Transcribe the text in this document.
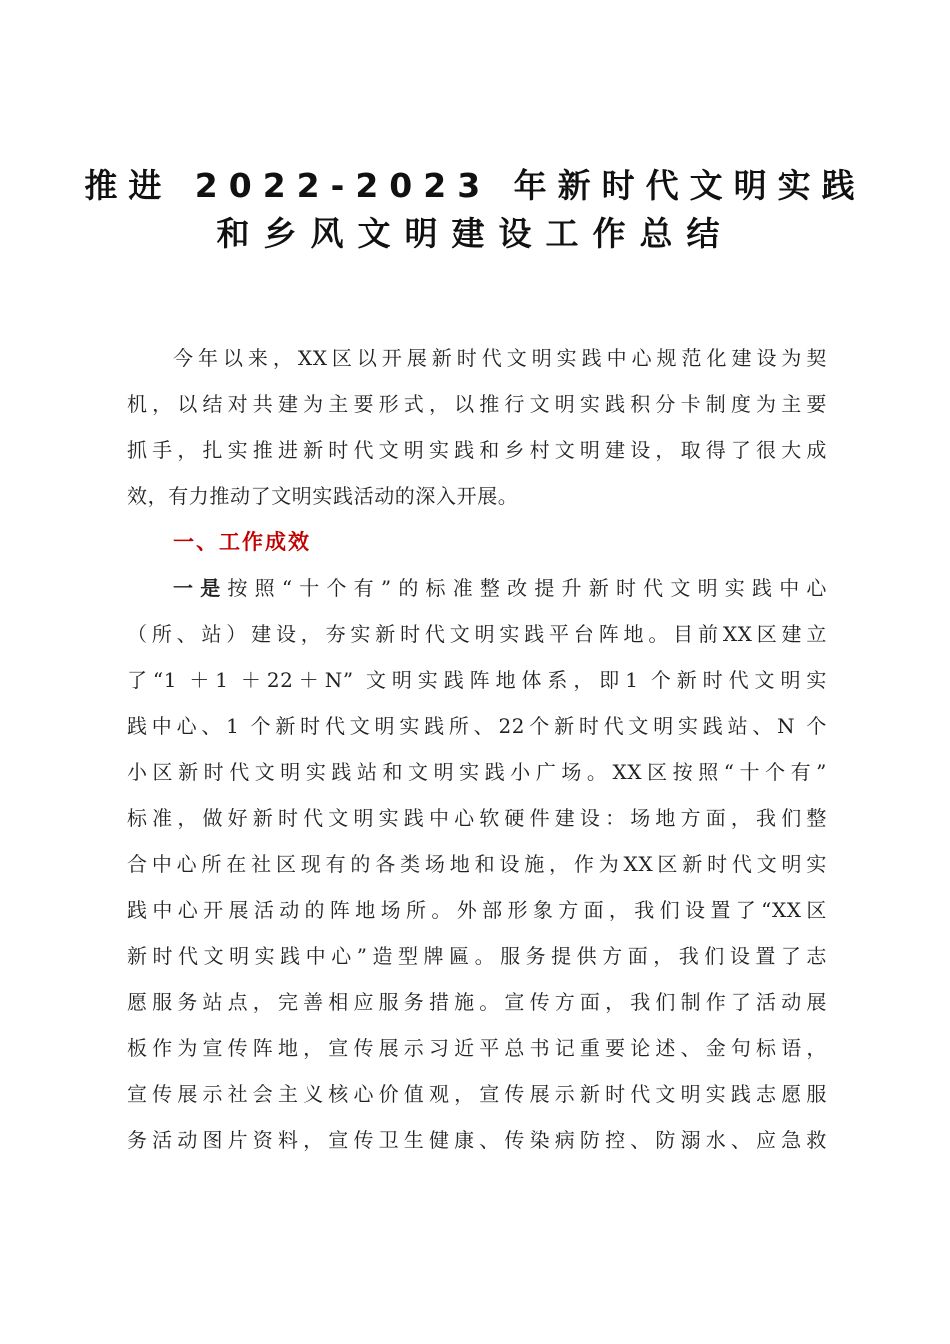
推进 2022-2023 年新时代文明实践
和乡风文明建设工作总结
今年以来，XX区以开展新时代文明实践中心规范化建设为契
机，以结对共建为主要形式，以推行文明实践积分卡制度为主要
抓手，扎实推进新时代文明实践和乡村文明建设，取得了很大成
效，有力推动了文明实践活动的深入开展。
一、工作成效
一是按照“十个有”的标准整改提升新时代文明实践中心
（所、站）建设，夯实新时代文明实践平台阵地。目前XX区建立
了“1 ＋1 ＋22＋N” 文明实践阵地体系，即1 个新时代文明实
践中心、1 个新时代文明实践所、22个新时代文明实践站、N 个
小区新时代文明实践站和文明实践小广场。XX区按照“十个有”
标准，做好新时代文明实践中心软硬件建设：场地方面，我们整
合中心所在社区现有的各类场地和设施，作为XX区新时代文明实
践中心开展活动的阵地场所。外部形象方面，我们设置了“XX区
新时代文明实践中心”造型牌匾。服务提供方面，我们设置了志
愿服务站点，完善相应服务措施。宣传方面，我们制作了活动展
板作为宣传阵地，宣传展示习近平总书记重要论述、金句标语，
宣传展示社会主义核心价值观，宣传展示新时代文明实践志愿服
务活动图片资料，宣传卫生健康、传染病防控、防溺水、应急救
